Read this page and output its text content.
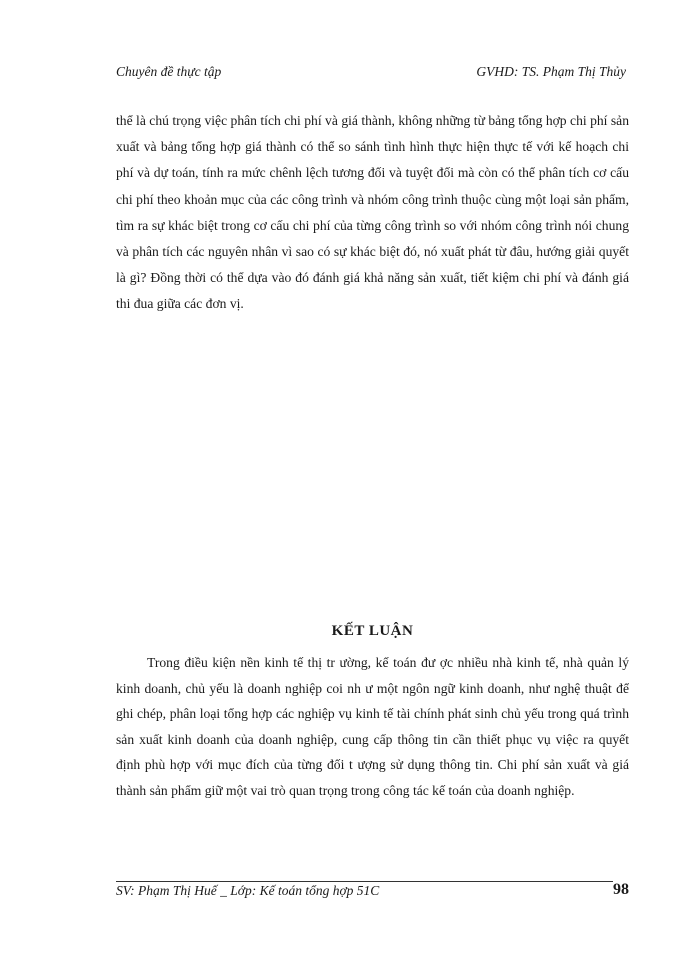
Chuyên đề thực tập	GVHD: TS. Phạm Thị Thủy

thể là chú trọng việc phân tích chi phí và giá thành, không những từ bảng tổng hợp chi phí sản xuất và bảng tổng hợp giá thành có thể so sánh tình hình thực hiện thực tế với kế hoạch chi phí và dự toán, tính ra mức chênh lệch tương đối và tuyệt đối mà còn có thể phân tích cơ cấu chi phí theo khoản mục của các công trình và nhóm công trình thuộc cùng một loại sản phẩm, tìm ra sự khác biệt trong cơ cấu chi phí của từng công trình so với nhóm công trình nói chung và phân tích các nguyên nhân vì sao có sự khác biệt đó, nó xuất phát từ đâu, hướng giải quyết là gì? Đồng thời có thể dựa vào đó đánh giá khả năng sản xuất, tiết kiệm chi phí và đánh giá thi đua giữa các đơn vị.

KẾT LUẬN

Trong điều kiện nền kinh tế thị tr ường, kế toán đư ợc nhiều nhà kinh tế, nhà quản lý kinh doanh, chủ yếu là doanh nghiệp coi nh ư một ngôn ngữ kinh doanh, như nghệ thuật để ghi chép, phân loại tổng hợp các nghiệp vụ kinh tế tài chính phát sinh chủ yếu trong quá trình sản xuất kinh doanh của doanh nghiệp, cung cấp thông tin cần thiết phục vụ việc ra quyết định phù hợp với mục đích của từng đối t ượng sử dụng thông tin. Chi phí sản xuất và giá thành sản phẩm giữ một vai trò quan trọng trong công tác kế toán của doanh nghiệp.

SV: Phạm Thị Huế _ Lớp: Kế toán tổng hợp 51C	98
